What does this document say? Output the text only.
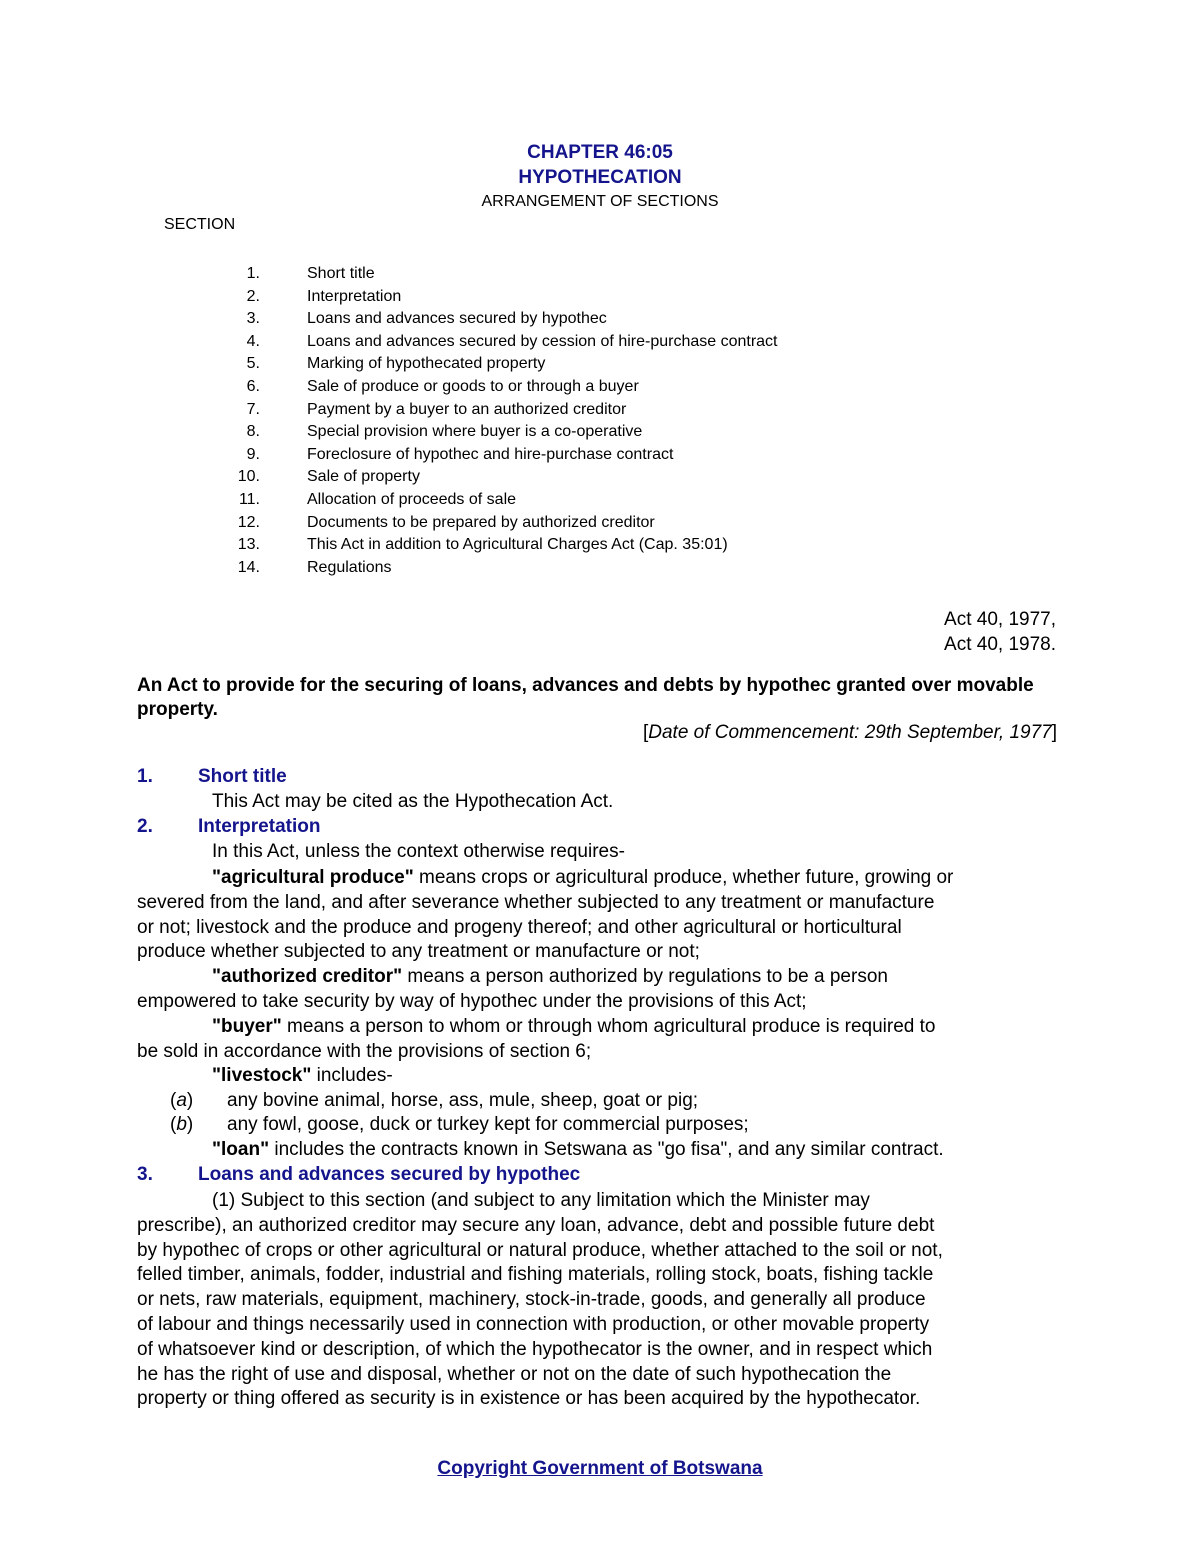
CHAPTER 46:05
HYPOTHECATION
ARRANGEMENT OF SECTIONS
SECTION
1.	Short title
2.	Interpretation
3.	Loans and advances secured by hypothec
4.	Loans and advances secured by cession of hire-purchase contract
5.	Marking of hypothecated property
6.	Sale of produce or goods to or through a buyer
7.	Payment by a buyer to an authorized creditor
8.	Special provision where buyer is a co-operative
9.	Foreclosure of hypothec and hire-purchase contract
10.	Sale of property
11.	Allocation of proceeds of sale
12.	Documents to be prepared by authorized creditor
13.	This Act in addition to Agricultural Charges Act (Cap. 35:01)
14.	Regulations
Act 40, 1977,
Act 40, 1978.
An Act to provide for the securing of loans, advances and debts by hypothec granted over movable property.
[Date of Commencement: 29th September, 1977]
1. Short title
This Act may be cited as the Hypothecation Act.
2. Interpretation
In this Act, unless the context otherwise requires-
"agricultural produce" means crops or agricultural produce, whether future, growing or
severed from the land, and after severance whether subjected to any treatment or manufacture
or not; livestock and the produce and progeny thereof; and other agricultural or horticultural
produce whether subjected to any treatment or manufacture or not;
"authorized creditor" means a person authorized by regulations to be a person
empowered to take security by way of hypothec under the provisions of this Act;
"buyer" means a person to whom or through whom agricultural produce is required to
be sold in accordance with the provisions of section 6;
"livestock" includes-
(a) any bovine animal, horse, ass, mule, sheep, goat or pig;
(b) any fowl, goose, duck or turkey kept for commercial purposes;
"loan" includes the contracts known in Setswana as "go fisa", and any similar contract.
3. Loans and advances secured by hypothec
(1) Subject to this section (and subject to any limitation which the Minister may
prescribe), an authorized creditor may secure any loan, advance, debt and possible future debt
by hypothec of crops or other agricultural or natural produce, whether attached to the soil or not,
felled timber, animals, fodder, industrial and fishing materials, rolling stock, boats, fishing tackle
or nets, raw materials, equipment, machinery, stock-in-trade, goods, and generally all produce
of labour and things necessarily used in connection with production, or other movable property
of whatsoever kind or description, of which the hypothecator is the owner, and in respect which
he has the right of use and disposal, whether or not on the date of such hypothecation the
property or thing offered as security is in existence or has been acquired by the hypothecator.
Copyright Government of Botswana
